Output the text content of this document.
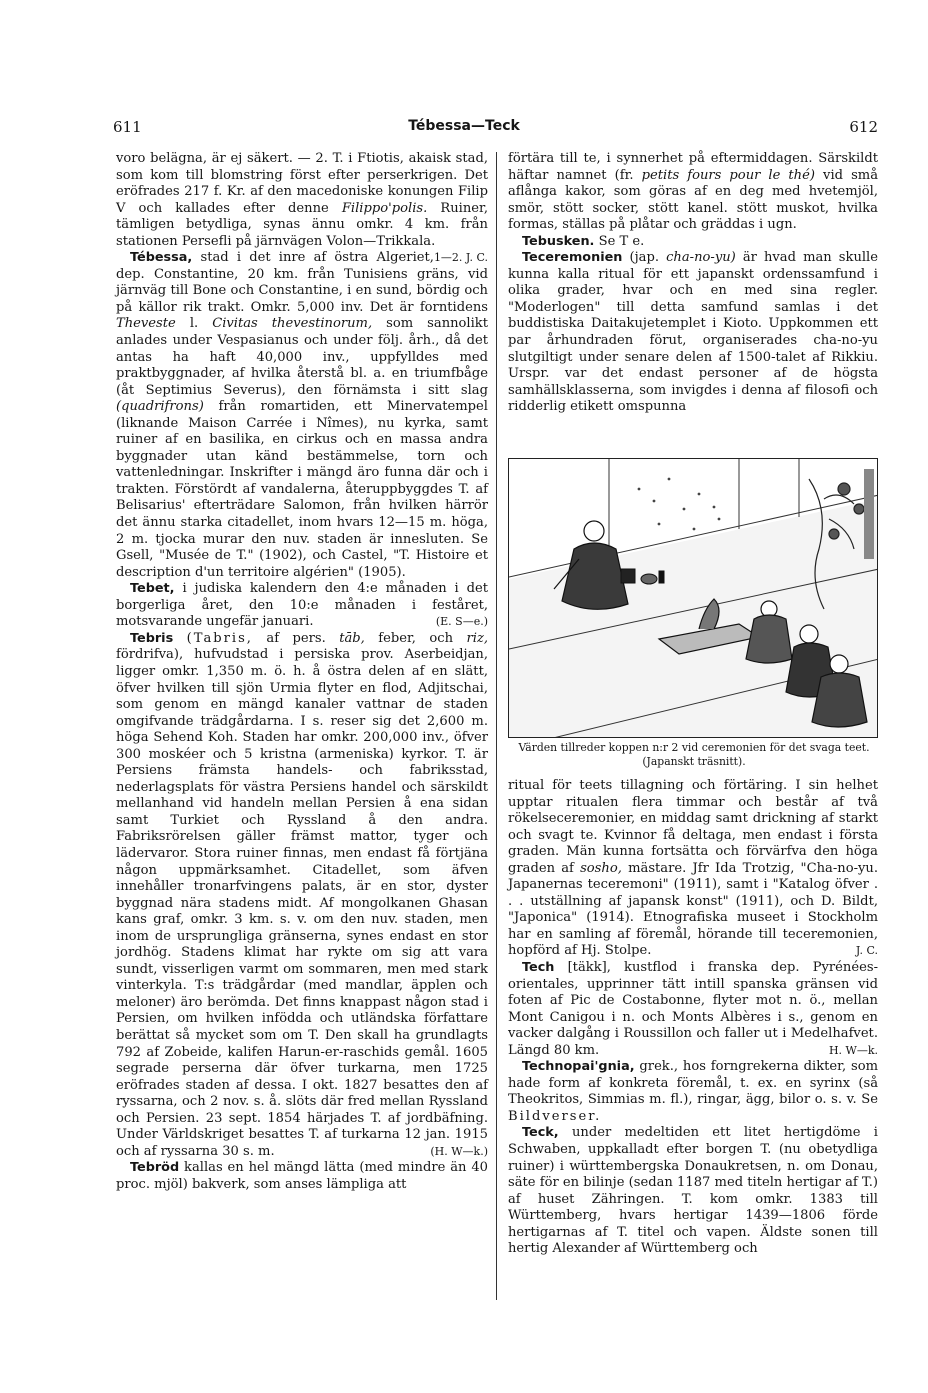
611	Tébessa—Teck	612

voro belägna, är ej säkert. — 2. T. i Ftiotis, akaisk stad, som kom till blomstring först efter perserkrigen. Det eröfrades 217 f. Kr. af den macedoniske konungen Filip V och kallades efter denne Filippo'polis. Ruiner, tämligen betydliga, synas ännu omkr. 4 km. från stationen Persefli på järnvägen Volon—Trikkala.
1—2. J. C.

Tébessa, stad i det inre af östra Algeriet, dep. Constantine, 20 km. från Tunisiens gräns, vid järnväg till Bone och Constantine, i en sund, bördig och på källor rik trakt. Omkr. 5,000 inv. Det är forntidens Theveste l. Civitas thevestinorum, som sannolikt anlades under Vespasianus och under följ. årh., då det antas ha haft 40,000 inv., uppfylldes med praktbyggnader, af hvilka återstå bl. a. en triumfbåge (åt Septimius Severus), den förnämsta i sitt slag (quadrifrons) från romartiden, ett Minervatempel (liknande Maison Carrée i Nîmes), nu kyrka, samt ruiner af en basilika, en cirkus och en massa andra byggnader utan känd bestämmelse, torn och vattenledningar. Inskrifter i mängd äro funna där och i trakten. Förstördt af vandalerna, återuppbyggdes T. af Belisarius' efterträdare Salomon, från hvilken härrör det ännu starka citadellet, inom hvars 12—15 m. höga, 2 m. tjocka murar den nuv. staden är innesluten. Se Gsell, "Musée de T." (1902), och Castel, "T. Histoire et description d'un territoire algérien" (1905).

Tebet, i judiska kalendern den 4:e månaden i det borgerliga året, den 10:e månaden i feståret, motsvarande ungefär januari.	(E. S—e.)

Tebris (Tabris, af pers. tāb, feber, och riz, fördrifva), hufvudstad i persiska prov. Aserbeidjan, ligger omkr. 1,350 m. ö. h. å östra delen af en slätt, öfver hvilken till sjön Urmia flyter en flod, Adjitschai, som genom en mängd kanaler vattnar de staden omgifvande trädgårdarna. I s. reser sig det 2,600 m. höga Sehend Koh. Staden har omkr. 200,000 inv., öfver 300 moskéer och 5 kristna (armeniska) kyrkor. T. är Persiens främsta handels- och fabriksstad, nederlagsplats för västra Persiens handel och särskildt mellanhand vid handeln mellan Persien å ena sidan samt Turkiet och Ryssland å den andra. Fabriksrörelsen gäller främst mattor, tyger och lädervaror. Stora ruiner finnas, men endast få förtjäna någon uppmärksamhet. Citadellet, som äfven innehåller tronarfvingens palats, är en stor, dyster byggnad nära stadens midt. Af mongolkanen Ghasan kans graf, omkr. 3 km. s. v. om den nuv. staden, men inom de ursprungliga gränserna, synes endast en stor jordhög. Stadens klimat har rykte om sig att vara sundt, visserligen varmt om sommaren, men med stark vinterkyla. T:s trädgårdar (med mandlar, äpplen och meloner) äro berömda. Det finns knappast någon stad i Persien, om hvilken infödda och utländska författare berättat så mycket som om T. Den skall ha grundlagts 792 af Zobeide, kalifen Harun-er-raschids gemål. 1605 segrade perserna där öfver turkarna, men 1725 eröfrades staden af dessa. I okt. 1827 besattes den af ryssarna, och 2 nov. s. å. slöts där fred mellan Ryssland och Persien. 23 sept. 1854 härjades T. af jordbäfning. Under Världskriget besattes T. af turkarna 12 jan. 1915 och af ryssarna 30 s. m.	(H. W—k.)

Tebröd kallas en hel mängd lätta (med mindre än 40 proc. mjöl) bakverk, som anses lämpliga att

förtära till te, i synnerhet på eftermiddagen. Särskildt häftar namnet (fr. petits fours pour le thé) vid små aflånga kakor, som göras af en deg med hvetemjöl, smör, stött socker, stött kanel. stött muskot, hvilka formas, ställas på plåtar och gräddas i ugn.

Tebusken. Se T e.

Teceremonien (jap. cha-no-yu) är hvad man skulle kunna kalla ritual för ett japanskt ordenssamfund i olika grader, hvar och en med sina regler. "Moderlogen" till detta samfund samlas i det buddistiska Daitakujetemplet i Kioto. Uppkommen ett par århundraden förut, organiserades cha-no-yu slutgiltigt under senare delen af 1500-talet af Rikkiu. Urspr. var det endast personer af de högsta samhällsklasserna, som invigdes i denna af filosofi och ridderlig etikett omspunna

Värden tillreder koppen n:r 2 vid ceremonien för det svaga teet. (Japanskt träsnitt).

ritual för teets tillagning och förtäring. I sin helhet upptar ritualen flera timmar och består af två rökelseceremonier, en middag samt drickning af starkt och svagt te. Kvinnor få deltaga, men endast i första graden. Män kunna fortsätta och förvärfva den höga graden af sosho, mästare. Jfr Ida Trotzig, "Cha-no-yu. Japanernas teceremoni" (1911), samt i "Katalog öfver . . . utställning af japansk konst" (1911), och D. Bildt, "Japonica" (1914). Etnografiska museet i Stockholm har en samling af föremål, hörande till teceremonien, hopförd af Hj. Stolpe.	J. C.

Tech [täkk], kustflod i franska dep. Pyrénées-orientales, upprinner tätt intill spanska gränsen vid foten af Pic de Costabonne, flyter mot n. ö., mellan Mont Canigou i n. och Monts Albères i s., genom en vacker dalgång i Roussillon och faller ut i Medelhafvet. Längd 80 km.	H. W—k.

Technopai'gnia, grek., hos forngrekerna dikter, som hade form af konkreta föremål, t. ex. en syrinx (så Theokritos, Simmias m. fl.), ringar, ägg, bilor o. s. v. Se Bildverser.

Teck, under medeltiden ett litet hertigdöme i Schwaben, uppkalladt efter borgen T. (nu obetydliga ruiner) i württembergska Donaukretsen, n. om Donau, säte för en bilinje (sedan 1187 med titeln hertigar af T.) af huset Zähringen. T. kom omkr. 1383 till Württemberg, hvars hertigar 1439—1806 förde hertigarnas af T. titel och vapen. Äldste sonen till hertig Alexander af Württemberg och
